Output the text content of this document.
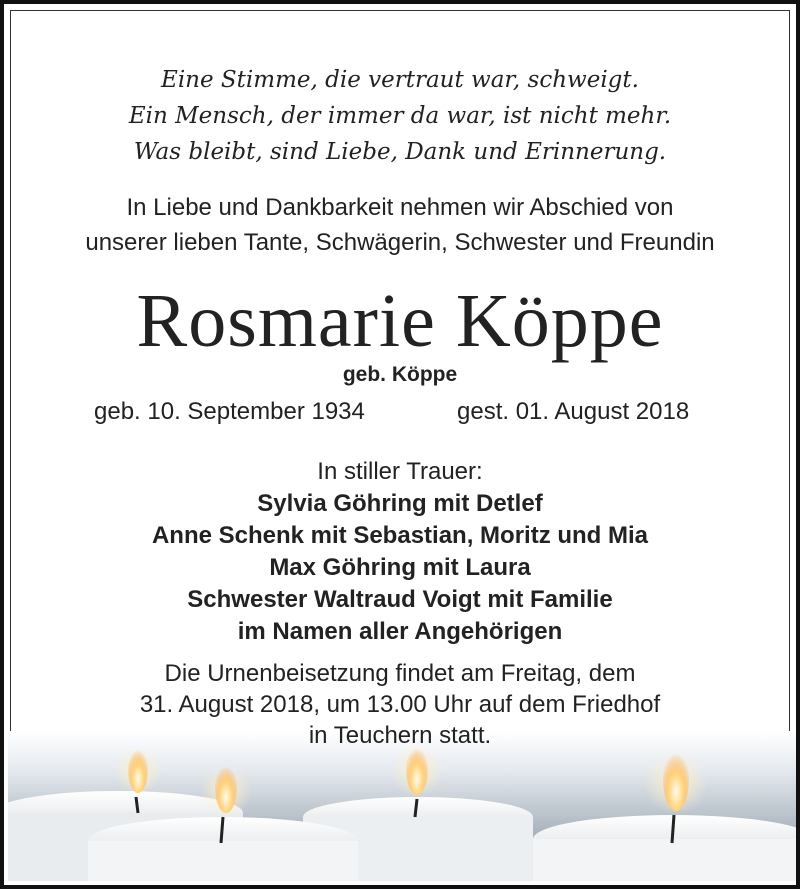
Eine Stimme, die vertraut war, schweigt.
Ein Mensch, der immer da war, ist nicht mehr.
Was bleibt, sind Liebe, Dank und Erinnerung.
In Liebe und Dankbarkeit nehmen wir Abschied von
unserer lieben Tante, Schwägerin, Schwester und Freundin
Rosmarie Köppe
geb. Köppe
geb. 10. September 1934	gest. 01. August 2018
In stiller Trauer:
Sylvia Göhring mit Detlef
Anne Schenk mit Sebastian, Moritz und Mia
Max Göhring mit Laura
Schwester Waltraud Voigt mit Familie
im Namen aller Angehörigen
Die Urnenbeisetzung findet am Freitag, dem
31. August 2018, um 13.00 Uhr auf dem Friedhof
in Teuchern statt.
